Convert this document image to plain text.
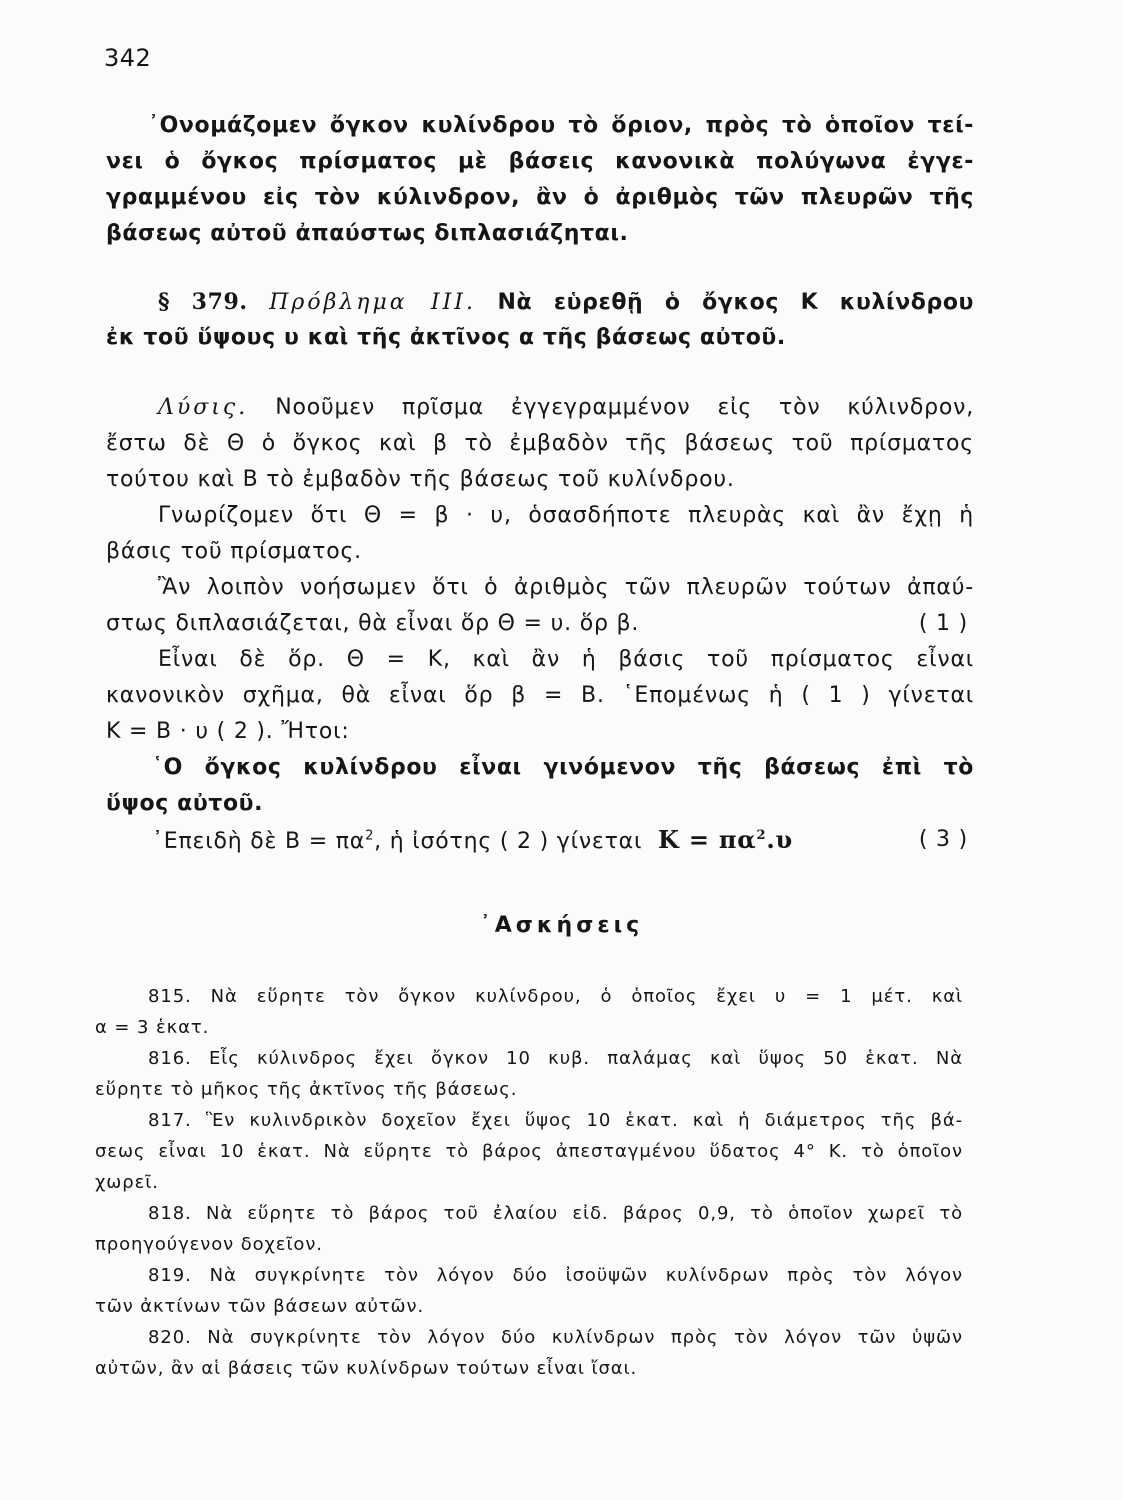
342
᾿Ονομάζομεν ὄγκον κυλίνδρου τὸ ὅριον, πρὸς τὸ ὁποῖον τεί-
νει ὁ ὄγκος πρίσματος μὲ βάσεις κανονικὰ πολύγωνα ἐγγε-
γραμμένου εἰς τὸν κύλινδρον, ἂν ὁ ἀριθμὸς τῶν πλευρῶν τῆς
βάσεως αὐτοῦ ἀπαύστως διπλασιάζηται.
§ 379. Πρόβλημα III. Νὰ εὑρεθῇ ὁ ὄγκος Κ κυλίνδρου
ἐκ τοῦ ὕψους υ καὶ τῆς ἀκτῖνος α τῆς βάσεως αὐτοῦ.
Λύσις. Νοοῦμεν πρῖσμα ἐγγεγραμμένον εἰς τὸν κύλινδρον,
ἔστω δὲ Θ ὁ ὄγκος καὶ β τὸ ἐμβαδὸν τῆς βάσεως τοῦ πρίσματος
τούτου καὶ Β τὸ ἐμβαδὸν τῆς βάσεως τοῦ κυλίνδρου.
Γνωρίζομεν ὅτι Θ = β · υ, ὁσασδήποτε πλευρὰς καὶ ἂν ἔχῃ ἡ
βάσις τοῦ πρίσματος.
Ἂν λοιπὸν νοήσωμεν ὅτι ὁ ἀριθμὸς τῶν πλευρῶν τούτων ἀπαύ-
στως διπλασιάζεται, θὰ εἶναι ὅρ Θ = υ. ὅρ β.	( 1 )
Εἶναι δὲ ὅρ. Θ = Κ, καὶ ἂν ἡ βάσις τοῦ πρίσματος εἶναι
κανονικὸν σχῆμα, θὰ εἶναι ὅρ β = Β. ῾Επομένως ἡ ( 1 ) γίνεται
Κ = Β · υ ( 2 ). Ἤτοι:
῾Ο ὄγκος κυλίνδρου εἶναι γινόμενον τῆς βάσεως ἐπὶ τὸ
ὕψος αὐτοῦ.
᾿Επειδὴ δὲ $B = \pi\alpha^2$, ἡ ἰσότης ( 2 ) γίνεται $K = \pi\alpha^2.\upsilon$	( 3 )
᾿Ασκήσεις
815. Νὰ εὕρητε τὸν ὄγκον κυλίνδρου, ὁ ὁποῖος ἔχει υ = 1 μέτ. καὶ
α = 3 ἑκατ.
816. Εἷς κύλινδρος ἔχει ὄγκον 10 κυβ. παλάμας καὶ ὕψος 50 ἑκατ. Νὰ
εὕρητε τὸ μῆκος τῆς ἀκτῖνος τῆς βάσεως.
817. Ἓν κυλινδρικὸν δοχεῖον ἔχει ὕψος 10 ἑκατ. καὶ ἡ διάμετρος τῆς βά-
σεως εἶναι 10 ἑκατ. Νὰ εὕρητε τὸ βάρος ἀπεσταγμένου ὕδατος 4° Κ. τὸ ὁποῖον
χωρεῖ.
818. Νὰ εὕρητε τὸ βάρος τοῦ ἐλαίου εἰδ. βάρος 0,9, τὸ ὁποῖον χωρεῖ τὸ
προηγούγενον δοχεῖον.
819. Νὰ συγκρίνητε τὸν λόγον δύο ἰσοϋψῶν κυλίνδρων πρὸς τὸν λόγον
τῶν ἀκτίνων τῶν βάσεων αὐτῶν.
820. Νὰ συγκρίνητε τὸν λόγον δύο κυλίνδρων πρὸς τὸν λόγον τῶν ὑψῶν
αὐτῶν, ἂν αἱ βάσεις τῶν κυλίνδρων τούτων εἶναι ἴσαι.
